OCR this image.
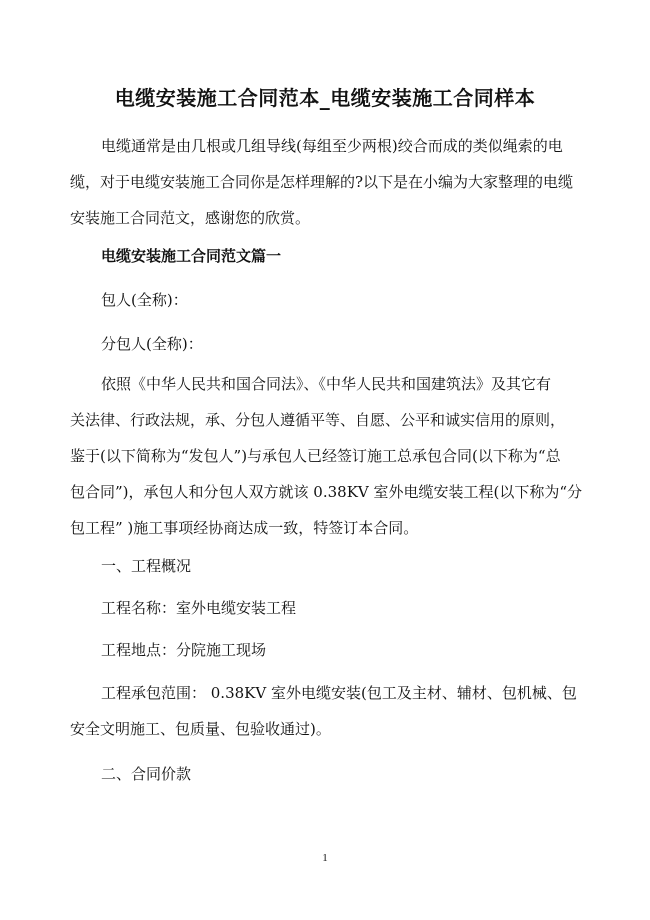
电缆安装施工合同范本_电缆安装施工合同样本
电缆通常是由几根或几组导线(每组至少两根)绞合而成的类似绳索的电
缆，对于电缆安装施工合同你是怎样理解的?以下是在小编为大家整理的电缆
安装施工合同范文，感谢您的欣赏。
电缆安装施工合同范文篇一
包人(全称)：
分包人(全称)：
依照《中华人民共和国合同法》、《中华人民共和国建筑法》及其它有
关法律、行政法规，承、分包人遵循平等、自愿、公平和诚实信用的原则，
鉴于(以下简称为“发包人”)与承包人已经签订施工总承包合同(以下称为“总
包合同”)，承包人和分包人双方就该 0.38KV 室外电缆安装工程(以下称为“分
包工程” )施工事项经协商达成一致，特签订本合同。
一、工程概况
工程名称：室外电缆安装工程
工程地点：分院施工现场
工程承包范围： 0.38KV 室外电缆安装(包工及主材、辅材、包机械、包
安全文明施工、包质量、包验收通过)。
二、合同价款
1
